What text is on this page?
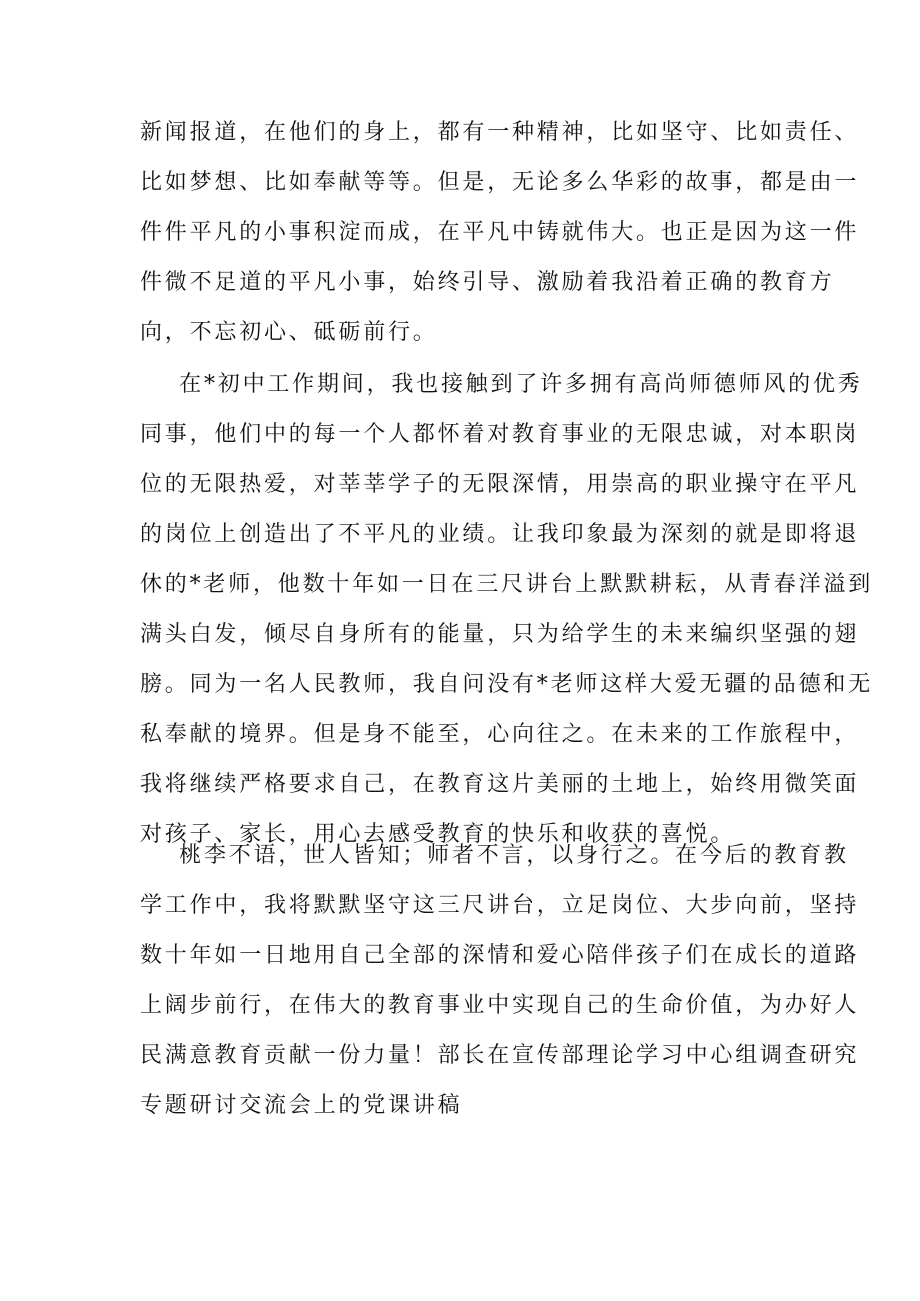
新闻报道，在他们的身上，都有一种精神，比如坚守、比如责任、
比如梦想、比如奉献等等。但是，无论多么华彩的故事，都是由一
件件平凡的小事积淀而成，在平凡中铸就伟大。也正是因为这一件
件微不足道的平凡小事，始终引导、激励着我沿着正确的教育方
向，不忘初心、砥砺前行。

在*初中工作期间，我也接触到了许多拥有高尚师德师风的优秀
同事，他们中的每一个人都怀着对教育事业的无限忠诚，对本职岗
位的无限热爱，对莘莘学子的无限深情，用崇高的职业操守在平凡
的岗位上创造出了不平凡的业绩。让我印象最为深刻的就是即将退
休的*老师，他数十年如一日在三尺讲台上默默耕耘，从青春洋溢到
满头白发，倾尽自身所有的能量，只为给学生的未来编织坚强的翅
膀。同为一名人民教师，我自问没有*老师这样大爱无疆的品德和无
私奉献的境界。但是身不能至，心向往之。在未来的工作旅程中，
我将继续严格要求自己，在教育这片美丽的土地上，始终用微笑面
对孩子、家长，用心去感受教育的快乐和收获的喜悦。

桃李不语，世人皆知；师者不言，以身行之。在今后的教育教
学工作中，我将默默坚守这三尺讲台，立足岗位、大步向前，坚持
数十年如一日地用自己全部的深情和爱心陪伴孩子们在成长的道路
上阔步前行，在伟大的教育事业中实现自己的生命价值，为办好人
民满意教育贡献一份力量！部长在宣传部理论学习中心组调查研究
专题研讨交流会上的党课讲稿
